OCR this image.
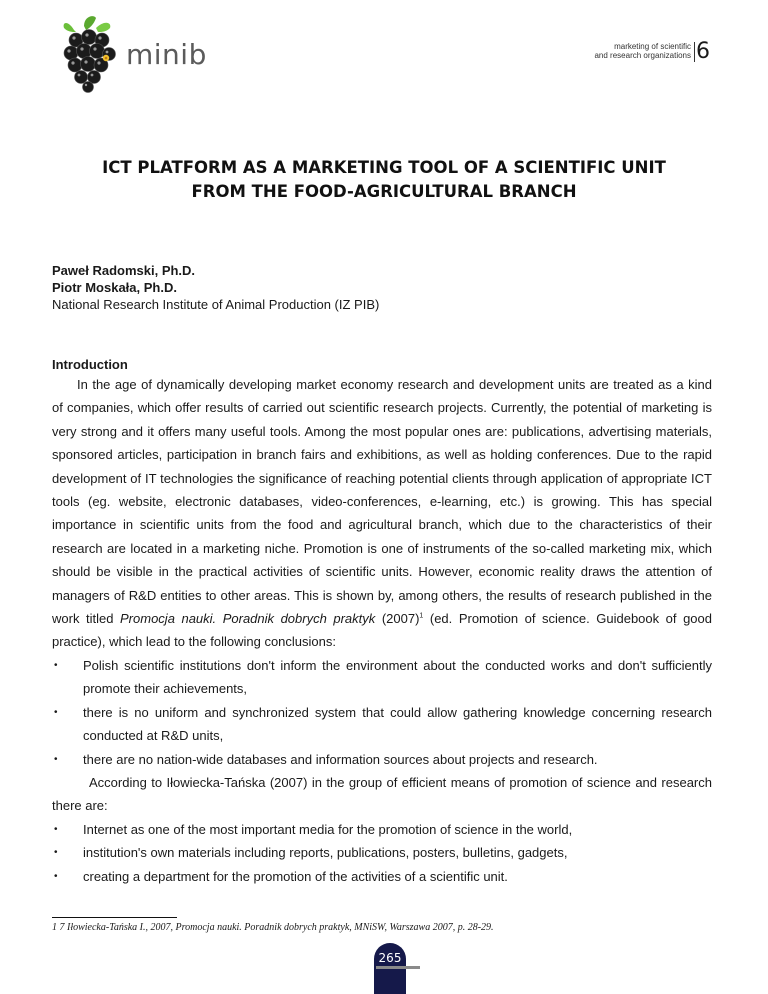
minib	marketing of scientific
and research organizations 6
ICT PLATFORM AS A MARKETING TOOL OF A SCIENTIFIC UNIT
FROM THE FOOD-AGRICULTURAL BRANCH
Paweł Radomski, Ph.D.
Piotr Moskała, Ph.D.
National Research Institute of Animal Production (IZ PIB)
Introduction

In the age of dynamically developing market economy research and development units are treated as a kind of companies, which offer results of carried out scientific research projects. Currently, the potential of marketing is very strong and it offers many useful tools. Among the most popular ones are: publications, advertising materials, sponsored articles, participation in branch fairs and exhibitions, as well as holding conferences. Due to the rapid development of IT technologies the significance of reaching potential clients through application of appropriate ICT tools (eg. website, electronic databases, video-conferences, e-learning, etc.) is growing. This has special importance in scientific units from the food and agricultural branch, which due to the characteristics of their research are located in a marketing niche. Promotion is one of instruments of the so-called marketing mix, which should be visible in the practical activities of scientific units. However, economic reality draws the attention of managers of R&D entities to other areas. This is shown by, among others, the results of research published in the work titled Promocja nauki. Poradnik dobrych praktyk $(2007)^1$ (ed. Promotion of science. Guidebook of good practice), which lead to the following conclusions:

• Polish scientific institutions don't inform the environment about the conducted works and don't sufficiently promote their achievements,
• there is no uniform and synchronized system that could allow gathering knowledge concerning research conducted at R&D units,
• there are no nation-wide databases and information sources about projects and research.

According to Iłowiecka-Tańska (2007) in the group of efficient means of promotion of science and research there are:

• Internet as one of the most important media for the promotion of science in the world,
• institution's own materials including reports, publications, posters, bulletins, gadgets,
• creating a department for the promotion of the activities of a scientific unit.
1 7 Iłowiecka-Tańska I., 2007, Promocja nauki. Poradnik dobrych praktyk, MNiSW, Warszawa 2007, p. 28-29.
265
